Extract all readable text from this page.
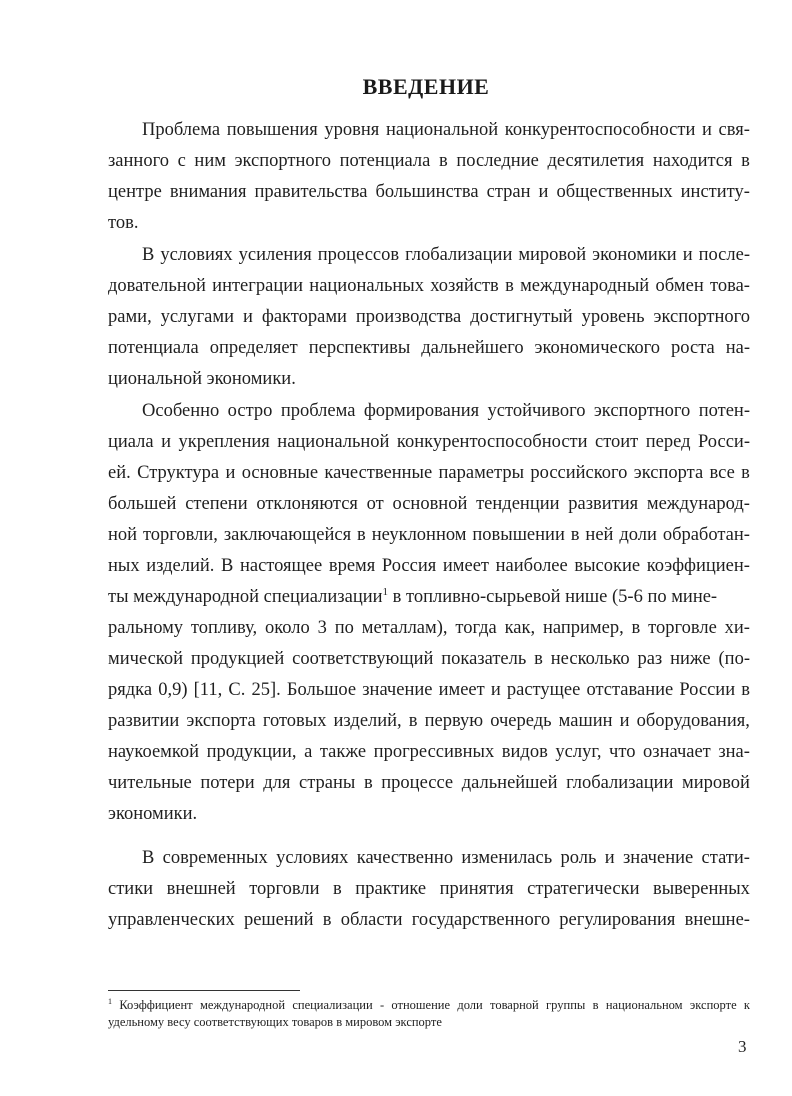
ВВЕДЕНИЕ
Проблема повышения уровня национальной конкурентоспособности и свя-
занного с ним экспортного потенциала в последние десятилетия находится в
центре внимания правительства большинства стран и общественных институ-
тов.
В условиях усиления процессов глобализации мировой экономики и после-
довательной интеграции национальных хозяйств в международный обмен това-
рами, услугами и факторами производства достигнутый уровень экспортного
потенциала определяет перспективы дальнейшего экономического роста на-
циональной экономики.
Особенно остро проблема формирования устойчивого экспортного потен-
циала и укрепления национальной конкурентоспособности стоит перед Росси-
ей. Структура и основные качественные параметры российского экспорта все в
большей степени отклоняются от основной тенденции развития международ-
ной торговли, заключающейся в неуклонном повышении в ней доли обработан-
ных изделий. В настоящее время Россия имеет наиболее высокие коэффициен-
ты международной специализации$^1$ в топливно-сырьевой нише (5-6 по мине-
ральному топливу, около 3 по металлам), тогда как, например, в торговле хи-
мической продукцией соответствующий показатель в несколько раз ниже (по-
рядка 0,9) [11, С. 25]. Большое значение имеет и растущее отставание России в
развитии экспорта готовых изделий, в первую очередь машин и оборудования,
наукоемкой продукции, а также прогрессивных видов услуг, что означает зна-
чительные потери для страны в процессе дальнейшей глобализации мировой
экономики.
В современных условиях качественно изменилась роль и значение стати-
стики внешней торговли в практике принятия стратегически выверенных
управленческих решений в области государственного регулирования внешне-
$^1$ Коэффициент международной специализации - отношение доли товарной группы в национальном экспорте к
удельному весу соответствующих товаров в мировом экспорте
3
